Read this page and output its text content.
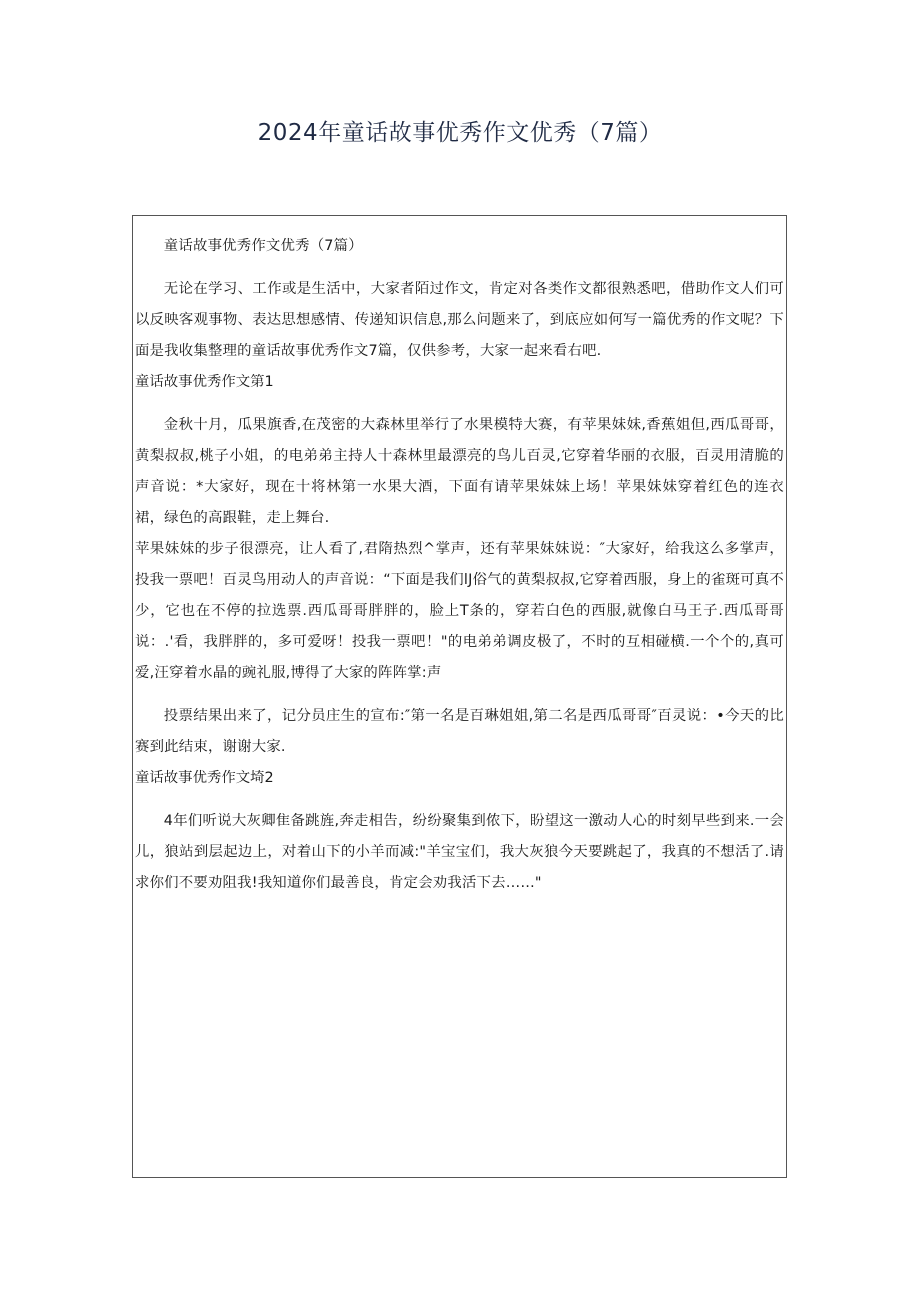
2024年童话故事优秀作文优秀（7篇）

童话故事优秀作文优秀（7篇）

无论在学习、工作或是生活中，大家者陌过作文，肯定对各类作文都很熟悉吧，借助作文人们可以反映客观事物、表达思想感情、传递知识信息,那么问题来了，到底应如何写一篇优秀的作文呢？下面是我收集整理的童话故事优秀作文7篇，仅供参考，大家一起来看右吧.

童话故事优秀作文第1

金秋十月，瓜果旗香,在茂密的大森林里举行了水果模特大赛，有苹果妹妹,香蕉姐但,西瓜哥哥，黄梨叔叔,桃子小姐，的电弟弟主持人十森林里最漂亮的鸟儿百灵,它穿着华丽的衣服，百灵用清脆的声音说：*大家好，现在十将林第一水果大酒，下面有请苹果妹妹上场！苹果妹妹穿着红色的连衣裙，绿色的高跟鞋，走上舞台.

苹果妹妹的步子很漂亮，让人看了,君隋热烈^掌声，还有苹果妹妹说：″大家好，给我这么多掌声，投我一票吧！百灵鸟用动人的声音说：“下面是我们lJ俗气的黄梨叔叔,它穿着西服，身上的雀斑可真不少，它也在不停的拉选票.西瓜哥哥胖胖的，脸上T条的，穿若白色的西服,就像白马王子.西瓜哥哥说：.'看，我胖胖的，多可爱呀！投我一票吧！"的电弟弟调皮极了，不时的互相碰横.一个个的,真可爱,汪穿着水晶的豌礼服,博得了大家的阵阵掌:声

投票结果出来了，记分员庄生的宣布:″第一名是百琳姐姐,第二名是西瓜哥哥″百灵说：•今天的比赛到此结束，谢谢大家.

童话故事优秀作文埼2

4年们听说大灰卿隹备跳旌,奔走相告，纷纷聚集到侬下，盼望这一激动人心的时刻早些到来.一会儿，狼站到层起边上，对着山下的小羊而减:"羊宝宝们，我大灰狼今天要跳起了，我真的不想活了.请求你们不要劝阻我!我知道你们最善良，肯定会劝我活下去……"
